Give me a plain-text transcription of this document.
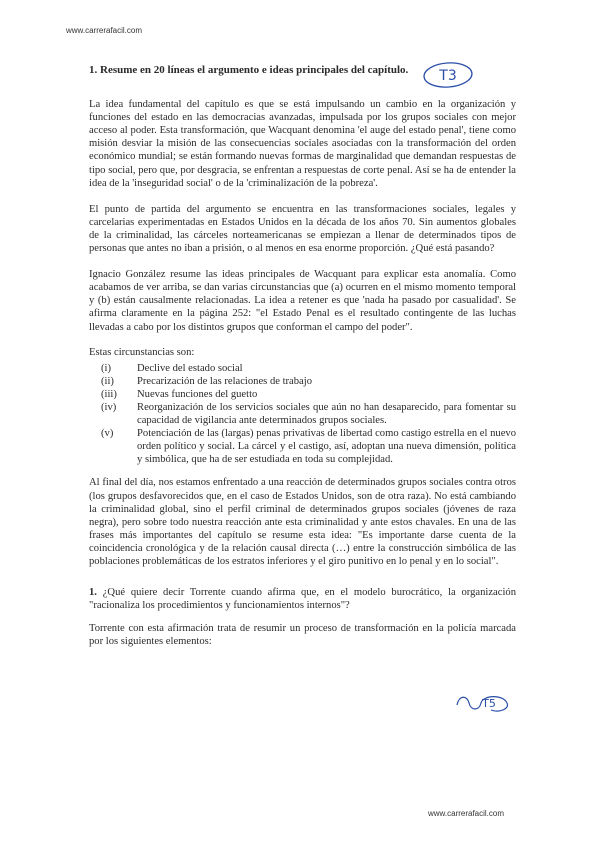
www.carrerafacil.com
T3

1. Resume en 20 líneas el argumento e ideas principales del capítulo.

La idea fundamental del capítulo es que se está impulsando un cambio en la organización y funciones del estado en las democracias avanzadas, impulsada por los grupos sociales con mejor acceso al poder. Esta transformación, que Wacquant denomina 'el auge del estado penal', tiene como misión desviar la misión de las consecuencias sociales asociadas con la transformación del orden económico mundial; se están formando nuevas formas de marginalidad que demandan respuestas de tipo social, pero que, por desgracia, se enfrentan a respuestas de corte penal. Así se ha de entender la idea de la 'inseguridad social' o de la 'criminalización de la pobreza'.

El punto de partida del argumento se encuentra en las transformaciones sociales, legales y carcelarias experimentadas en Estados Unidos en la década de los años 70. Sin aumentos globales de la criminalidad, las cárceles norteamericanas se empiezan a llenar de determinados tipos de personas que antes no iban a prisión, o al menos en esa enorme proporción. ¿Qué está pasando?

Ignacio González resume las ideas principales de Wacquant para explicar esta anomalía. Como acabamos de ver arriba, se dan varias circunstancias que (a) ocurren en el mismo momento temporal y (b) están causalmente relacionadas. La idea a retener es que 'nada ha pasado por casualidad'. Se afirma claramente en la página 252: "el Estado Penal es el resultado contingente de las luchas llevadas a cabo por los distintos grupos que conforman el campo del poder".

Estas circunstancias son:

(i)	Declive del estado social
(ii)	Precarización de las relaciones de trabajo
(iii)	Nuevas funciones del guetto
(iv)	Reorganización de los servicios sociales que aún no han desaparecido, para fomentar su capacidad de vigilancia ante determinados grupos sociales.
(v)	Potenciación de las (largas) penas privativas de libertad como castigo estrella en el nuevo orden político y social. La cárcel y el castigo, así, adoptan una nueva dimensión, política y simbólica, que ha de ser estudiada en toda su complejidad.

Al final del día, nos estamos enfrentado a una reacción de determinados grupos sociales contra otros (los grupos desfavorecidos que, en el caso de Estados Unidos, son de otra raza). No está cambiando la criminalidad global, sino el perfil criminal de determinados grupos sociales (jóvenes de raza negra), pero sobre todo nuestra reacción ante esta criminalidad y ante estos chavales. En una de las frases más importantes del capítulo se resume esta idea: "Es importante darse cuenta de la coincidencia cronológica y de la relación causal directa (…) entre la construcción simbólica de las poblaciones problemáticas de los estratos inferiores y el giro punitivo en lo penal y en lo social".

1. ¿Qué quiere decir Torrente cuando afirma que, en el modelo burocrático, la organización "racionaliza los procedimientos y funcionamientos internos"?

Torrente con esta afirmación trata de resumir un proceso de transformación en la policía marcada por los siguientes elementos:

T5
www.carrerafacil.com
